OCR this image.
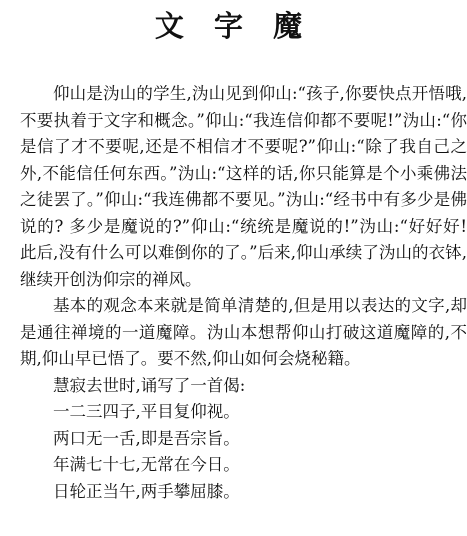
文 字 魔

仰山是沩山的学生,沩山见到仰山:“孩子,你要快点开悟哦,不要执着于文字和概念。”仰山:“我连信仰都不要呢!”沩山:“你是信了才不要呢,还是不相信才不要呢?”仰山:“除了我自己之外,不能信任何东西。”沩山:“这样的话,你只能算是个小乘佛法之徒罢了。”仰山:“我连佛都不要见。”沩山:“经书中有多少是佛说的? 多少是魔说的?”仰山:“统统是魔说的!”沩山:“好好好! 此后,没有什么可以难倒你的了。”后来,仰山承续了沩山的衣钵,继续开创沩仰宗的禅风。

基本的观念本来就是简单清楚的,但是用以表达的文字,却是通往禅境的一道魔障。沩山本想帮仰山打破这道魔障的,不期,仰山早已悟了。要不然,仰山如何会烧秘籍。

慧寂去世时,诵写了一首偈:

一二三四子,平目复仰视。

两口无一舌,即是吾宗旨。

年满七十七,无常在今日。

日轮正当午,两手攀屈膝。
